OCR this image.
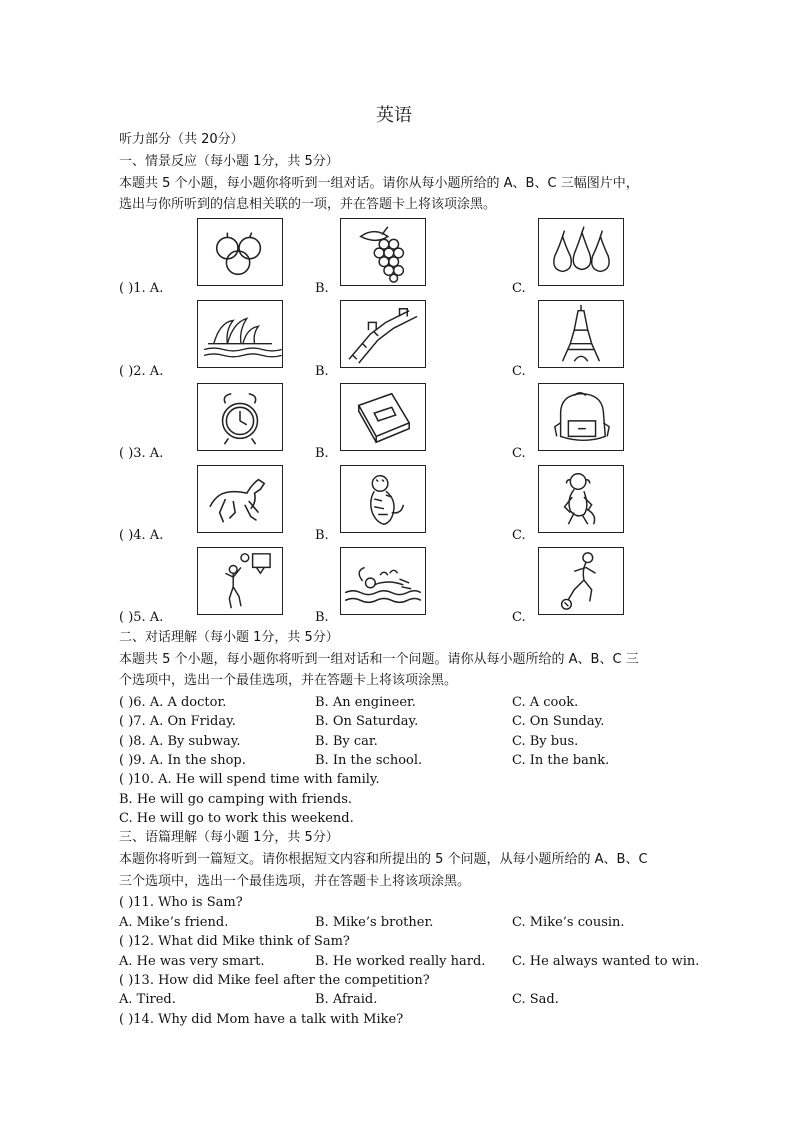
英语
听力部分（共 20分）
一、情景反应（每小题 1分，共 5分）
本题共 5 个小题，每小题你将听到一组对话。请你从每小题所给的 A、B、C 三幅图片中，
选出与你所听到的信息相关联的一项，并在答题卡上将该项涂黑。
( )1. A.	B.	C.
( )2. A.	B.	C.
( )3. A.	B.	C.
( )4. A.	B.	C.
( )5. A.	B.	C.
二、对话理解（每小题 1分，共 5分）
本题共 5 个小题，每小题你将听到一组对话和一个问题。请你从每小题所给的 A、B、C 三
个选项中，选出一个最佳选项，并在答题卡上将该项涂黑。
( )6. A. A doctor.	B. An engineer.	C. A cook.
( )7. A. On Friday.	B. On Saturday.	C. On Sunday.
( )8. A. By subway.	B. By car.	C. By bus.
( )9. A. In the shop.	B. In the school.	C. In the bank.
( )10. A. He will spend time with family.
B. He will go camping with friends.
C. He will go to work this weekend.
三、语篇理解（每小题 1分，共 5分）
本题你将听到一篇短文。请你根据短文内容和所提出的 5 个问题，从每小题所给的 A、B、C
三个选项中，选出一个最佳选项，并在答题卡上将该项涂黑。
( )11. Who is Sam?
A. Mike’s friend.	B. Mike’s brother.	C. Mike’s cousin.
( )12. What did Mike think of Sam?
A. He was very smart.	B. He worked really hard. C. He always wanted to win.
( )13. How did Mike feel after the competition?
A. Tired.	B. Afraid.	C. Sad.
( )14. Why did Mom have a talk with Mike?
